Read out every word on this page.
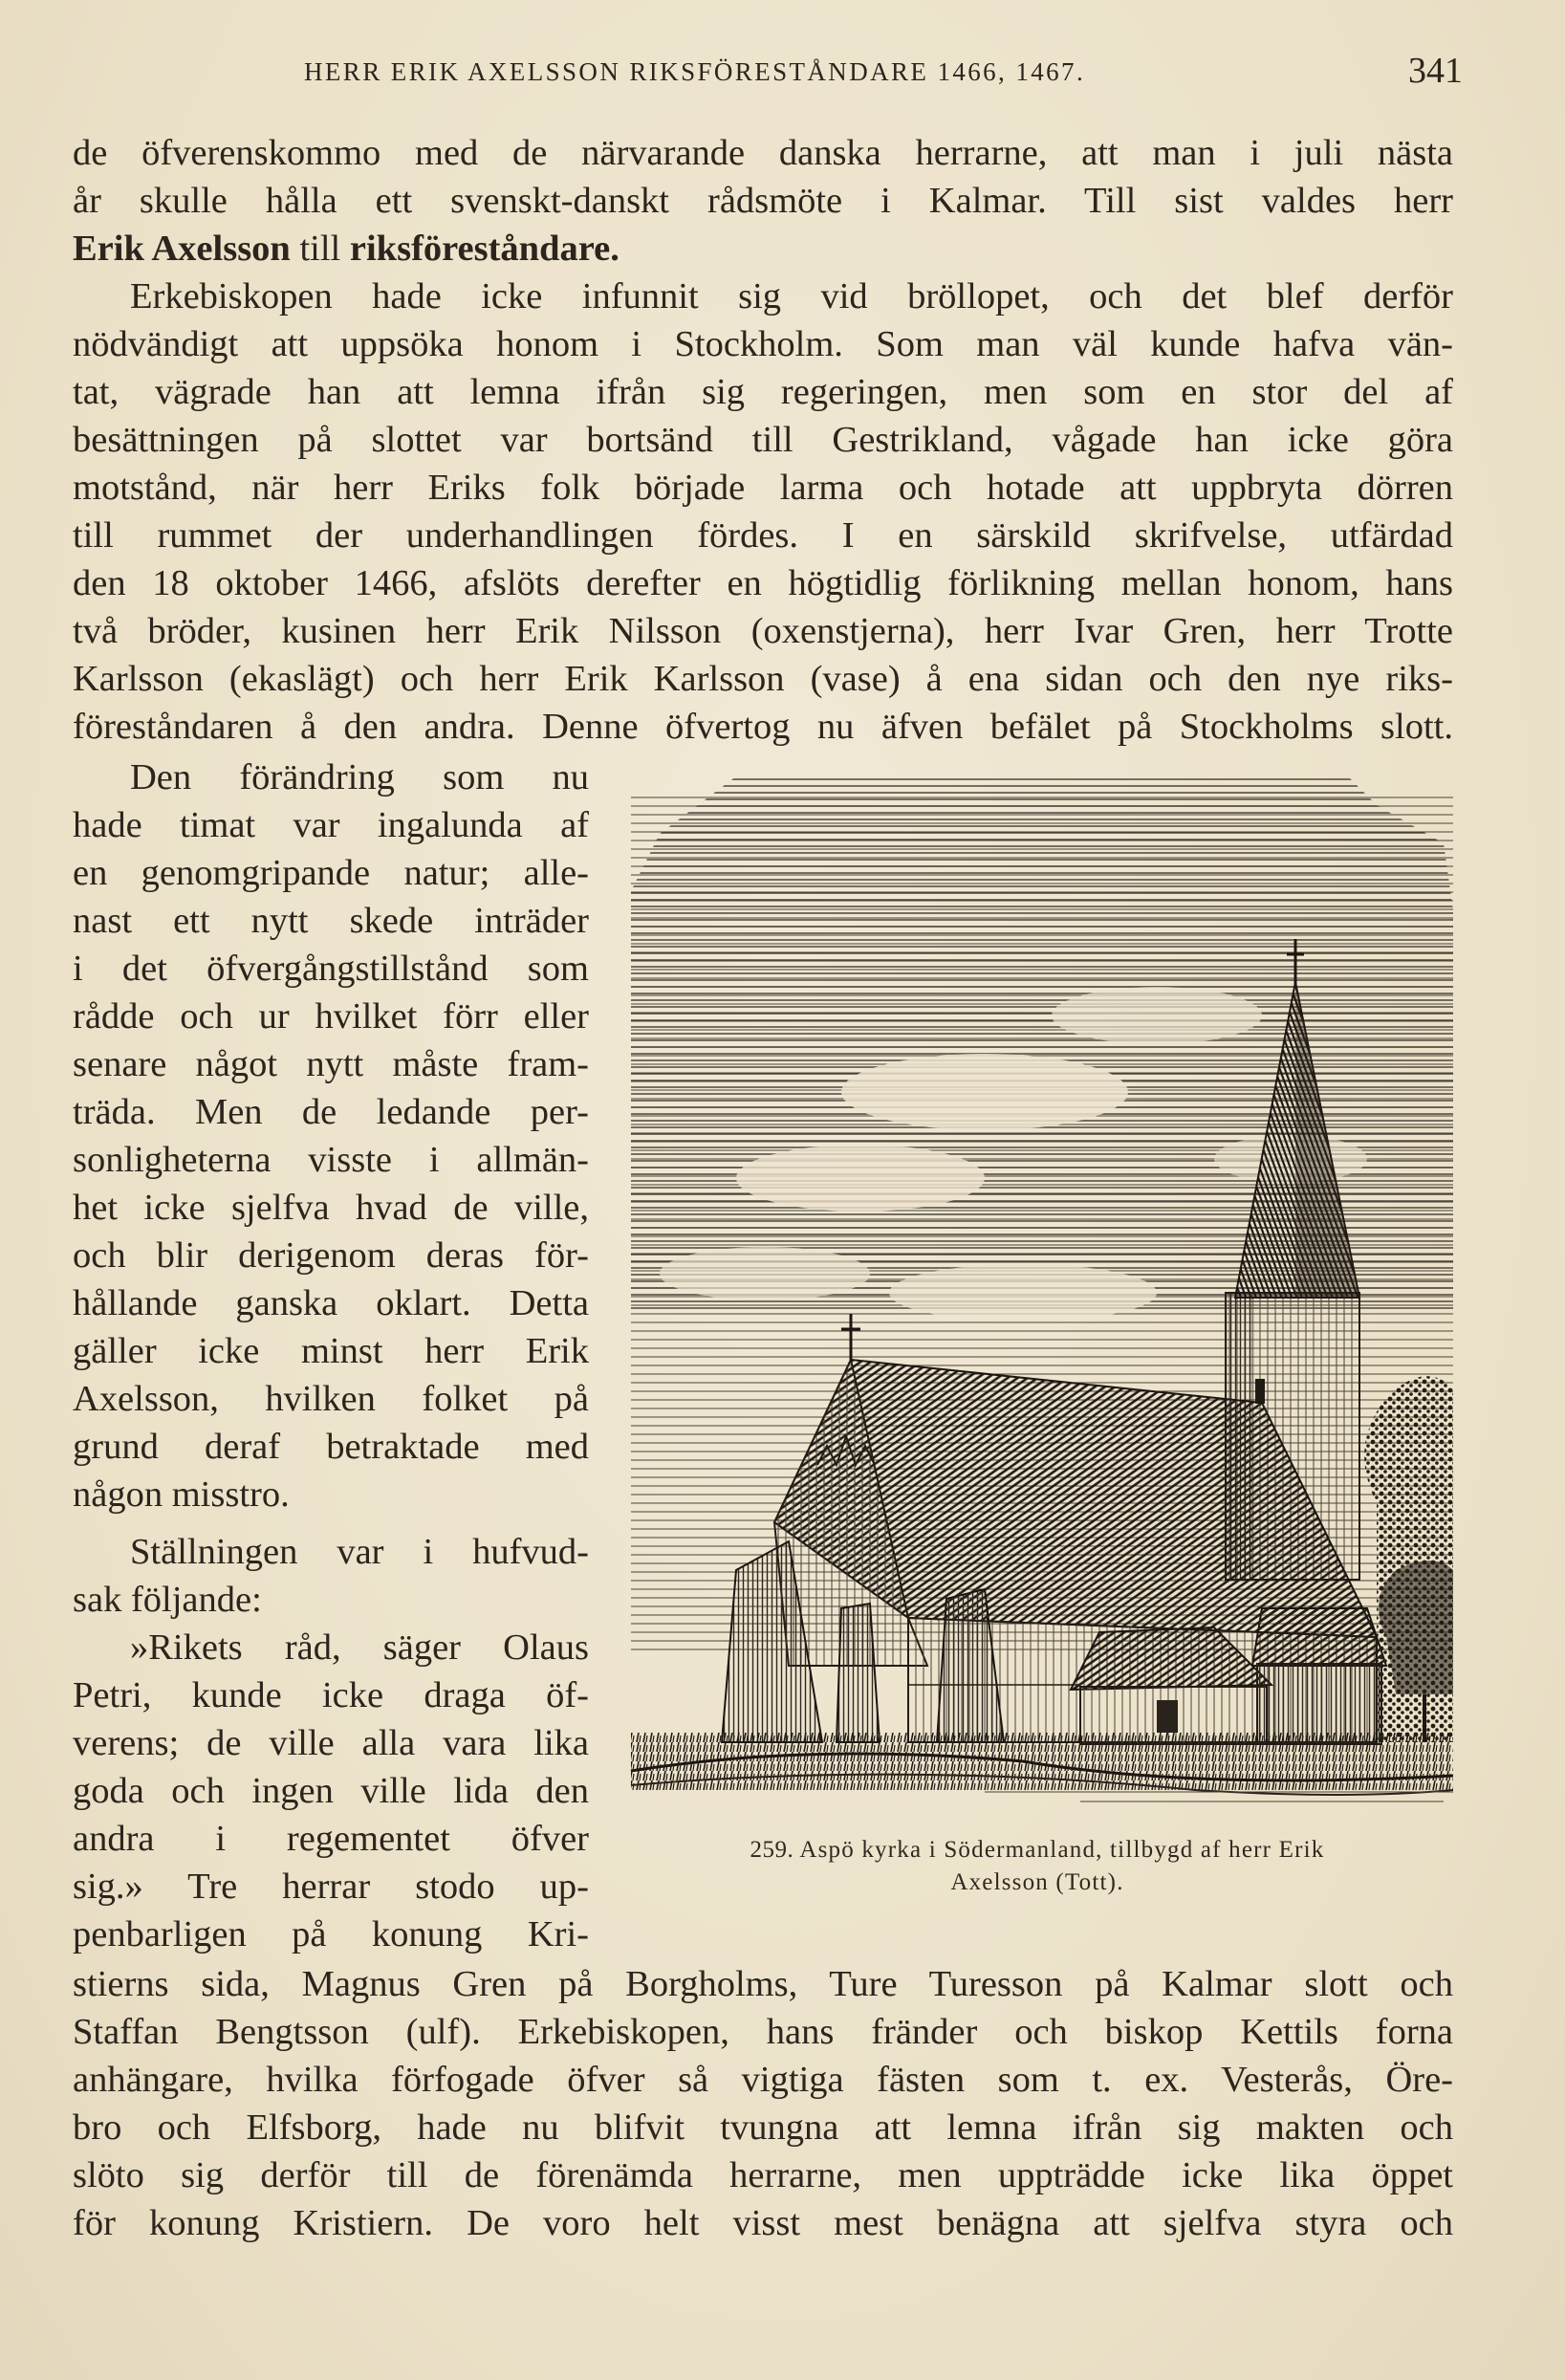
HERR ERIK AXELSSON RIKSFÖRESTÅNDARE 1466, 1467.	341
de öfverenskommo med de närvarande danska herrarne, att man i juli nästa
år skulle hålla ett svenskt-danskt rådsmöte i Kalmar. Till sist valdes herr
Erik Axelsson till riksföreståndare.
Erkebiskopen hade icke infunnit sig vid bröllopet, och det blef derför
nödvändigt att uppsöka honom i Stockholm. Som man väl kunde hafva vän-
tat, vägrade han att lemna ifrån sig regeringen, men som en stor del af
besättningen på slottet var bortsänd till Gestrikland, vågade han icke göra
motstånd, när herr Eriks folk började larma och hotade att uppbryta dörren
till rummet der underhandlingen fördes. I en särskild skrifvelse, utfärdad
den 18 oktober 1466, afslöts derefter en högtidlig förlikning mellan honom, hans
två bröder, kusinen herr Erik Nilsson (oxenstjerna), herr Ivar Gren, herr Trotte
Karlsson (ekaslägt) och herr Erik Karlsson (vase) å ena sidan och den nye riks-
föreståndaren å den andra. Denne öfvertog nu äfven befälet på Stockholms slott.
Den förändring som nu
hade timat var ingalunda af
en genomgripande natur; alle-
nast ett nytt skede inträder
i det öfvergångstillstånd som
rådde och ur hvilket förr eller
senare något nytt måste fram-
träda. Men de ledande per-
sonligheterna visste i allmän-
het icke sjelfva hvad de ville,
och blir derigenom deras för-
hållande ganska oklart. Detta
gäller icke minst herr Erik
Axelsson, hvilken folket på
grund deraf betraktade med
någon misstro.
Ställningen var i hufvud-
sak följande:
»Rikets råd, säger Olaus
Petri, kunde icke draga öf-
verens; de ville alla vara lika
goda och ingen ville lida den
andra i regementet öfver
sig.» Tre herrar stodo up-
penbarligen på konung Kri-
stierns sida, Magnus Gren på Borgholms, Ture Turesson på Kalmar slott och
Staffan Bengtsson (ulf). Erkebiskopen, hans fränder och biskop Kettils forna
anhängare, hvilka förfogade öfver så vigtiga fästen som t. ex. Vesterås, Öre-
bro och Elfsborg, hade nu blifvit tvungna att lemna ifrån sig makten och
slöto sig derför till de förenämda herrarne, men uppträdde icke lika öppet
för konung Kristiern. De voro helt visst mest benägna att sjelfva styra och
259. Aspö kyrka i Södermanland, tillbygd af herr Erik
Axelsson (Tott).
